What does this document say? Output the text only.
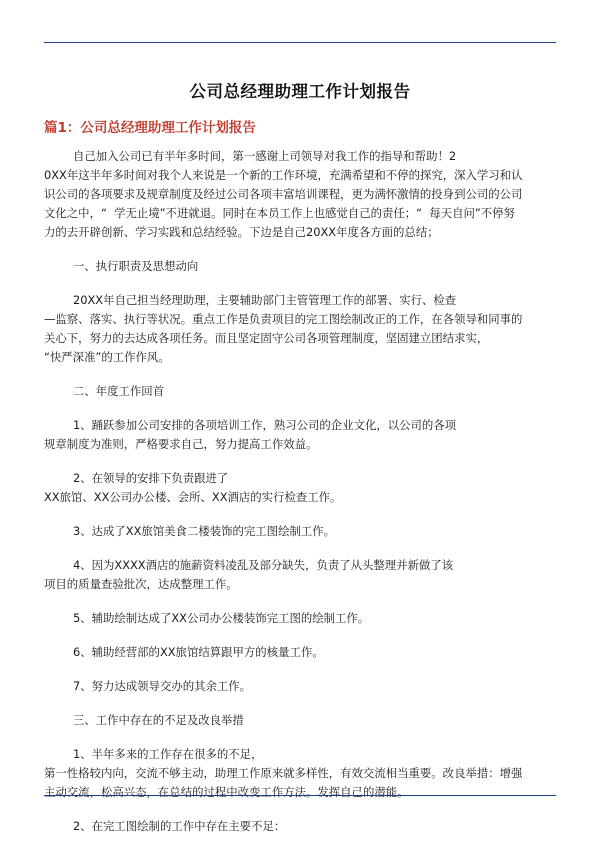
公司总经理助理工作计划报告
篇1：公司总经理助理工作计划报告
自己加入公司已有半年多时间，第一感谢上司领导对我工作的指导和帮助！2
0XX年这半年多时间对我个人来说是一个新的工作环境，充满希望和不停的探究，深入学习和认
识公司的各项要求及规章制度及经过公司各项丰富培训课程，更为满怀激情的投身到公司的公司
文化之中，“  学无止境”不进就退。同时在本员工作上也感觉自己的责任；“  每天自问”不停努
力的去开辟创新、学习实践和总结经验。下边是自己20XX年度各方面的总结；
一、执行职责及思想动向
20XX年自己担当经理助理，主要辅助部门主管管理工作的部署、实行、检查
—监察、落实、执行等状况。重点工作是负责项目的完工图绘制改正的工作，在各领导和同事的
关心下，努力的去达成各项任务。而且坚定固守公司各项管理制度，坚固建立团结求实，
“快严深准”的工作作风。
二、年度工作回首
1、踊跃参加公司安排的各项培训工作，熟习公司的企业文化，以公司的各项
规章制度为准则，严格要求自己，努力提高工作效益。
2、在领导的安排下负责跟进了
XX旅馆、XX公司办公楼、会所、XX酒店的实行检查工作。
3、达成了XX旅馆美食二楼装饰的完工图绘制工作。
4、因为XXXX酒店的施薪资料凌乱及部分缺失，负责了从头整理并新做了该
项目的质量查验批次，达成整理工作。
5、辅助绘制达成了XX公司办公楼装饰完工图的绘制工作。
6、辅助经营部的XX旅馆结算跟甲方的核量工作。
7、努力达成领导交办的其余工作。
三、工作中存在的不足及改良举措
1、半年多来的工作存在很多的不足，
第一性格较内向，交流不够主动，助理工作原来就多样性，有效交流相当重要。改良举措：增强
主动交流，松高兴态，在总结的过程中改变工作方法。发挥自己的潜能。
2、在完工图绘制的工作中存在主要不足：
